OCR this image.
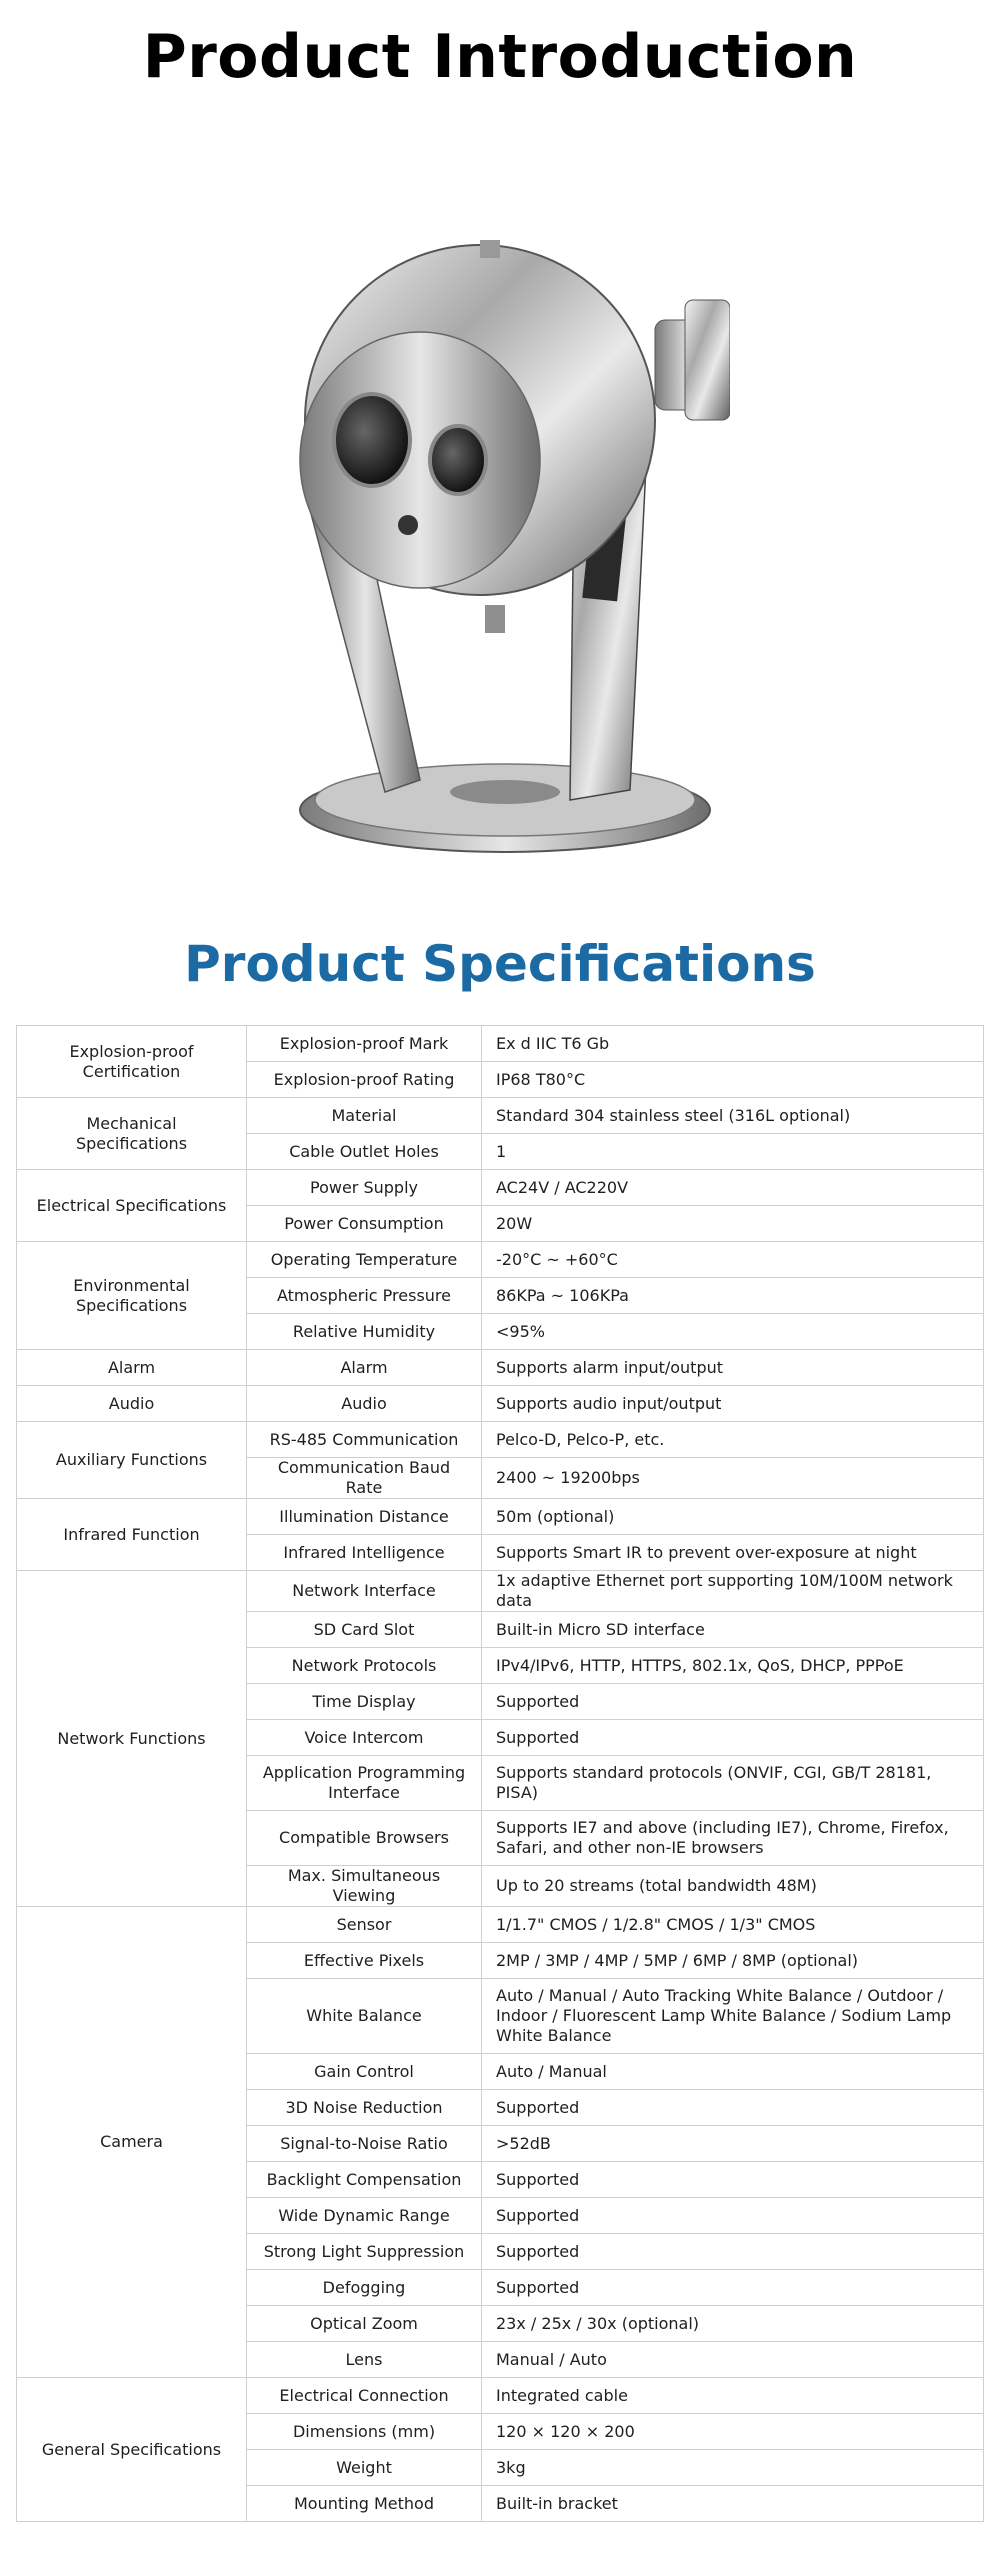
Product Introduction
Product Specifications
Explosion-proof Certification	Explosion-proof Mark	Ex d IIC T6 Gb
	Explosion-proof Rating	IP68 T80°C
Mechanical Specifications	Material	Standard 304 stainless steel (316L optional)
	Cable Outlet Holes	1
Electrical Specifications	Power Supply	AC24V / AC220V
	Power Consumption	20W
Environmental Specifications	Operating Temperature	-20°C ~ +60°C
	Atmospheric Pressure	86KPa ~ 106KPa
	Relative Humidity	<95%
Alarm	Alarm	Supports alarm input/output
Audio	Audio	Supports audio input/output
Auxiliary Functions	RS-485 Communication	Pelco-D, Pelco-P, etc.
	Communication Baud Rate	2400 ~ 19200bps
Infrared Function	Illumination Distance	50m (optional)
	Infrared Intelligence	Supports Smart IR to prevent over-exposure at night
Network Functions	Network Interface	1x adaptive Ethernet port supporting 10M/100M network data
	SD Card Slot	Built-in Micro SD interface
	Network Protocols	IPv4/IPv6, HTTP, HTTPS, 802.1x, QoS, DHCP, PPPoE
	Time Display	Supported
	Voice Intercom	Supported
	Application Programming Interface	Supports standard protocols (ONVIF, CGI, GB/T 28181, PISA)
	Compatible Browsers	Supports IE7 and above (including IE7), Chrome, Firefox, Safari, and other non-IE browsers
	Max. Simultaneous Viewing	Up to 20 streams (total bandwidth 48M)
Camera	Sensor	1/1.7" CMOS / 1/2.8" CMOS / 1/3" CMOS
	Effective Pixels	2MP / 3MP / 4MP / 5MP / 6MP / 8MP (optional)
	White Balance	Auto / Manual / Auto Tracking White Balance / Outdoor / Indoor / Fluorescent Lamp White Balance / Sodium Lamp White Balance
	Gain Control	Auto / Manual
	3D Noise Reduction	Supported
	Signal-to-Noise Ratio	>52dB
	Backlight Compensation	Supported
	Wide Dynamic Range	Supported
	Strong Light Suppression	Supported
	Defogging	Supported
	Optical Zoom	23x / 25x / 30x (optional)
	Lens	Manual / Auto
General Specifications	Electrical Connection	Integrated cable
	Dimensions (mm)	120 × 120 × 200
	Weight	3kg
	Mounting Method	Built-in bracket
